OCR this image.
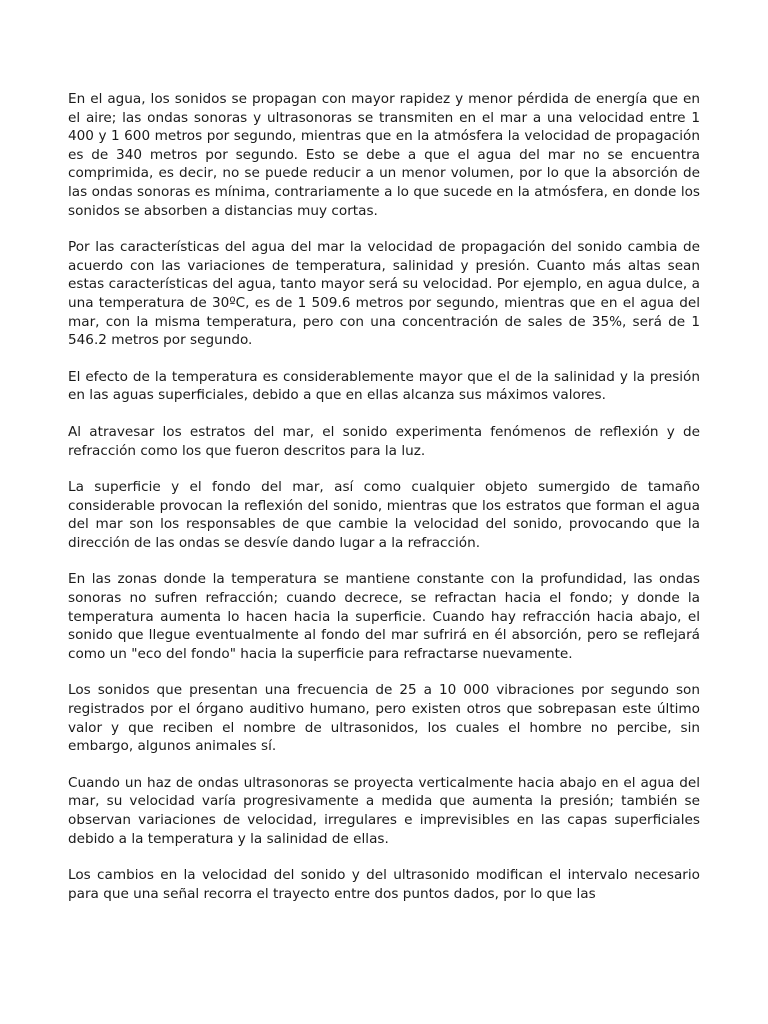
En el agua, los sonidos se propagan con mayor rapidez y menor pérdida de energía que en el aire; las ondas sonoras y ultrasonoras se transmiten en el mar a una velocidad entre 1 400 y 1 600 metros por segundo, mientras que en la atmósfera la velocidad de propagación es de 340 metros por segundo. Esto se debe a que el agua del mar no se encuentra comprimida, es decir, no se puede reducir a un menor volumen, por lo que la absorción de las ondas sonoras es mínima, contrariamente a lo que sucede en la atmósfera, en donde los sonidos se absorben a distancias muy cortas.

Por las características del agua del mar la velocidad de propagación del sonido cambia de acuerdo con las variaciones de temperatura, salinidad y presión. Cuanto más altas sean estas características del agua, tanto mayor será su velocidad. Por ejemplo, en agua dulce, a una temperatura de 30ºC, es de 1 509.6 metros por segundo, mientras que en el agua del mar, con la misma temperatura, pero con una concentración de sales de 35%, será de 1 546.2 metros por segundo.

El efecto de la temperatura es considerablemente mayor que el de la salinidad y la presión en las aguas superficiales, debido a que en ellas alcanza sus máximos valores.

Al atravesar los estratos del mar, el sonido experimenta fenómenos de reflexión y de refracción como los que fueron descritos para la luz.

La superficie y el fondo del mar, así como cualquier objeto sumergido de tamaño considerable provocan la reflexión del sonido, mientras que los estratos que forman el agua del mar son los responsables de que cambie la velocidad del sonido, provocando que la dirección de las ondas se desvíe dando lugar a la refracción.

En las zonas donde la temperatura se mantiene constante con la profundidad, las ondas sonoras no sufren refracción; cuando decrece, se refractan hacia el fondo; y donde la temperatura aumenta lo hacen hacia la superficie. Cuando hay refracción hacia abajo, el sonido que llegue eventualmente al fondo del mar sufrirá en él absorción, pero se reflejará como un "eco del fondo" hacia la superficie para refractarse nuevamente.

Los sonidos que presentan una frecuencia de 25 a 10 000 vibraciones por segundo son registrados por el órgano auditivo humano, pero existen otros que sobrepasan este último valor y que reciben el nombre de ultrasonidos, los cuales el hombre no percibe, sin embargo, algunos animales sí.

Cuando un haz de ondas ultrasonoras se proyecta verticalmente hacia abajo en el agua del mar, su velocidad varía progresivamente a medida que aumenta la presión; también se observan variaciones de velocidad, irregulares e imprevisibles en las capas superficiales debido a la temperatura y la salinidad de ellas.

Los cambios en la velocidad del sonido y del ultrasonido modifican el intervalo necesario para que una señal recorra el trayecto entre dos puntos dados, por lo que las
